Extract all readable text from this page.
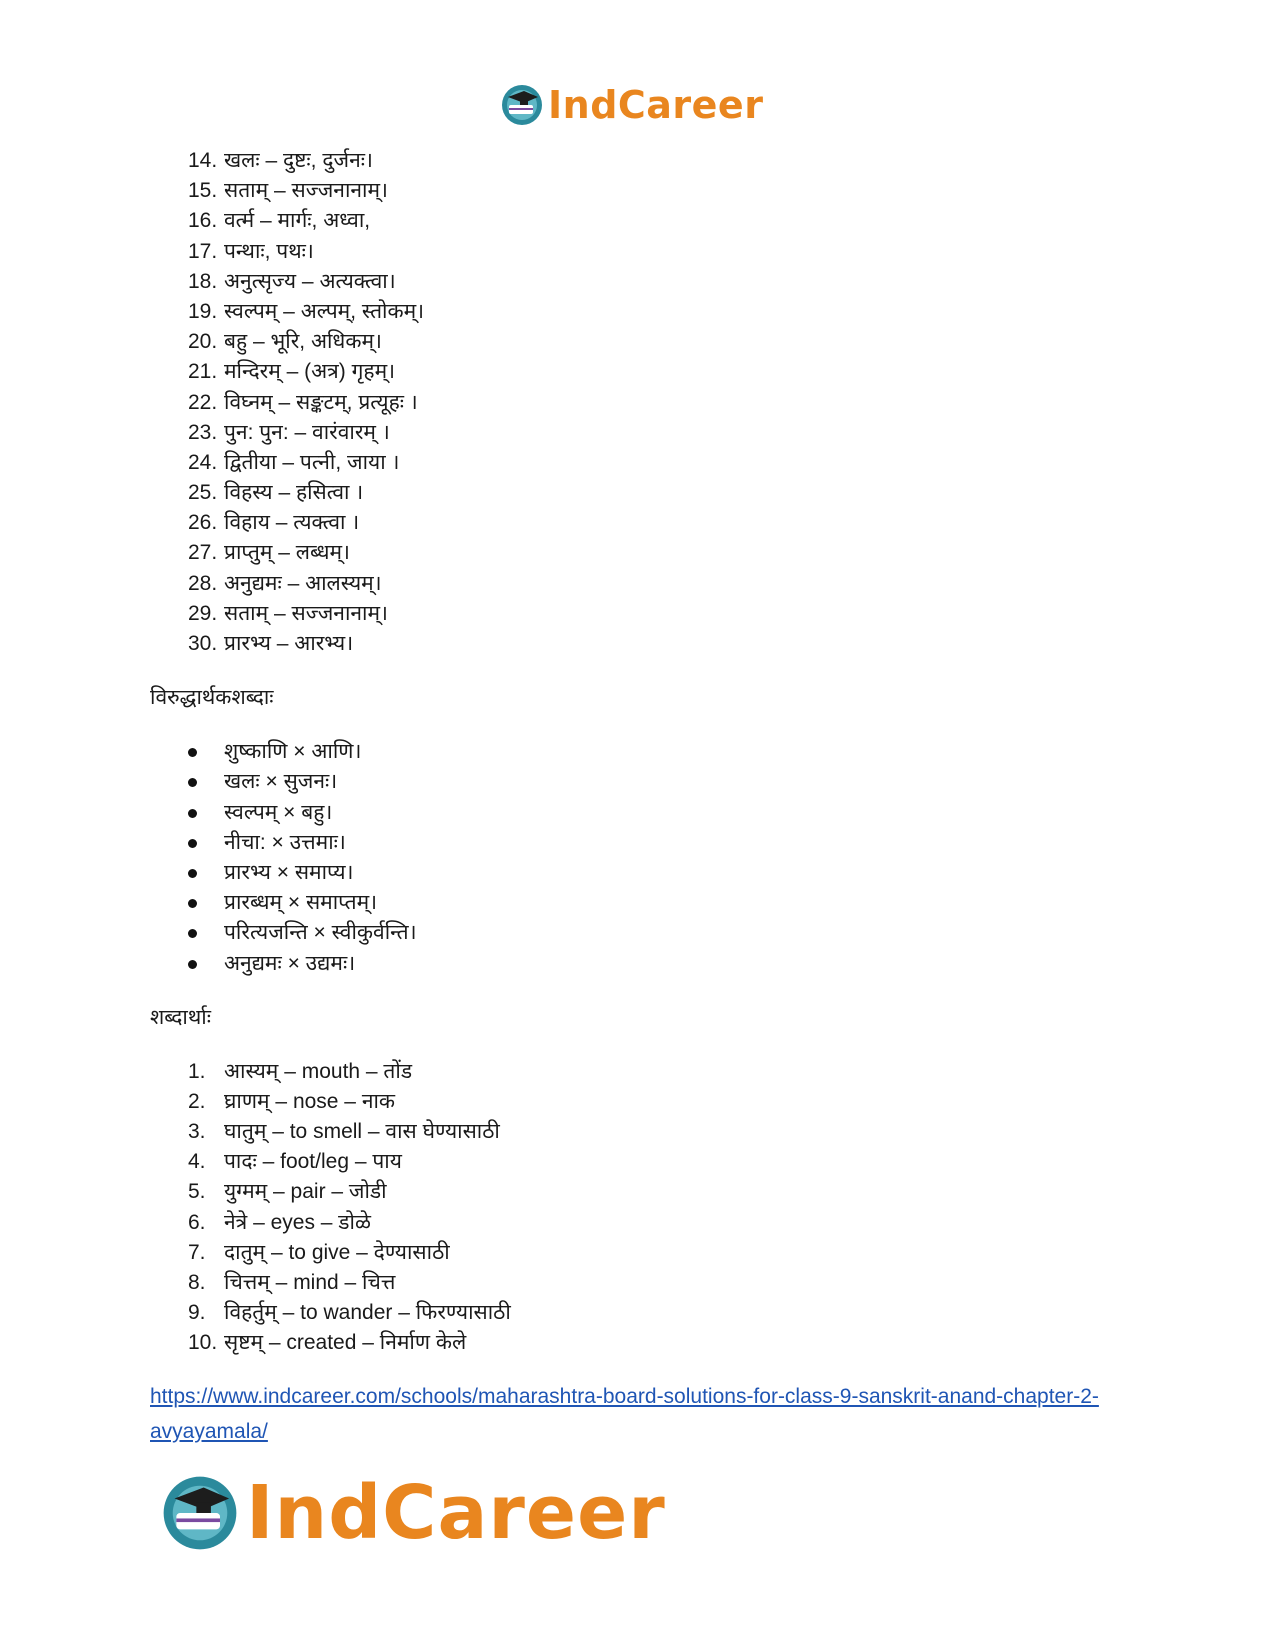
IndCareer
14. खलः – दुष्टः, दुर्जनः।
15. सताम् – सज्जनानाम्।
16. वर्त्म – मार्गः, अध्वा,
17. पन्थाः, पथः।
18. अनुत्सृज्य – अत्यक्त्वा।
19. स्वल्पम् – अल्पम्, स्तोकम्।
20. बहु – भूरि, अधिकम्।
21. मन्दिरम् – (अत्र) गृहम्।
22. विघ्नम् – सङ्कटम्, प्रत्यूहः ।
23. पुन: पुन: – वारंवारम् ।
24. द्वितीया – पत्नी, जाया ।
25. विहस्य – हसित्वा ।
26. विहाय – त्यक्त्वा ।
27. प्राप्तुम् – लब्धम्।
28. अनुद्यमः – आलस्यम्।
29. सताम् – सज्जनानाम्।
30. प्रारभ्य – आरभ्य।
विरुद्धार्थकशब्दाः
शुष्काणि × आणि।
खलः × सुजनः।
स्वल्पम् × बहु।
नीचा: × उत्तमाः।
प्रारभ्य × समाप्य।
प्रारब्धम् × समाप्तम्।
परित्यजन्ति × स्वीकुर्वन्ति।
अनुद्यमः × उद्यमः।
शब्दार्थाः
1. आस्यम् – mouth – तोंड
2. घ्राणम् – nose – नाक
3. घातुम् – to smell – वास घेण्यासाठी
4. पादः – foot/leg – पाय
5. युग्मम् – pair – जोडी
6. नेत्रे – eyes – डोळे
7. दातुम् – to give – देण्यासाठी
8. चित्तम् – mind – चित्त
9. विहर्तुम् – to wander – फिरण्यासाठी
10. सृष्टम् – created – निर्माण केले
https://www.indcareer.com/schools/maharashtra-board-solutions-for-class-9-sanskrit-anand-chapter-2-avyayamala/
IndCareer
